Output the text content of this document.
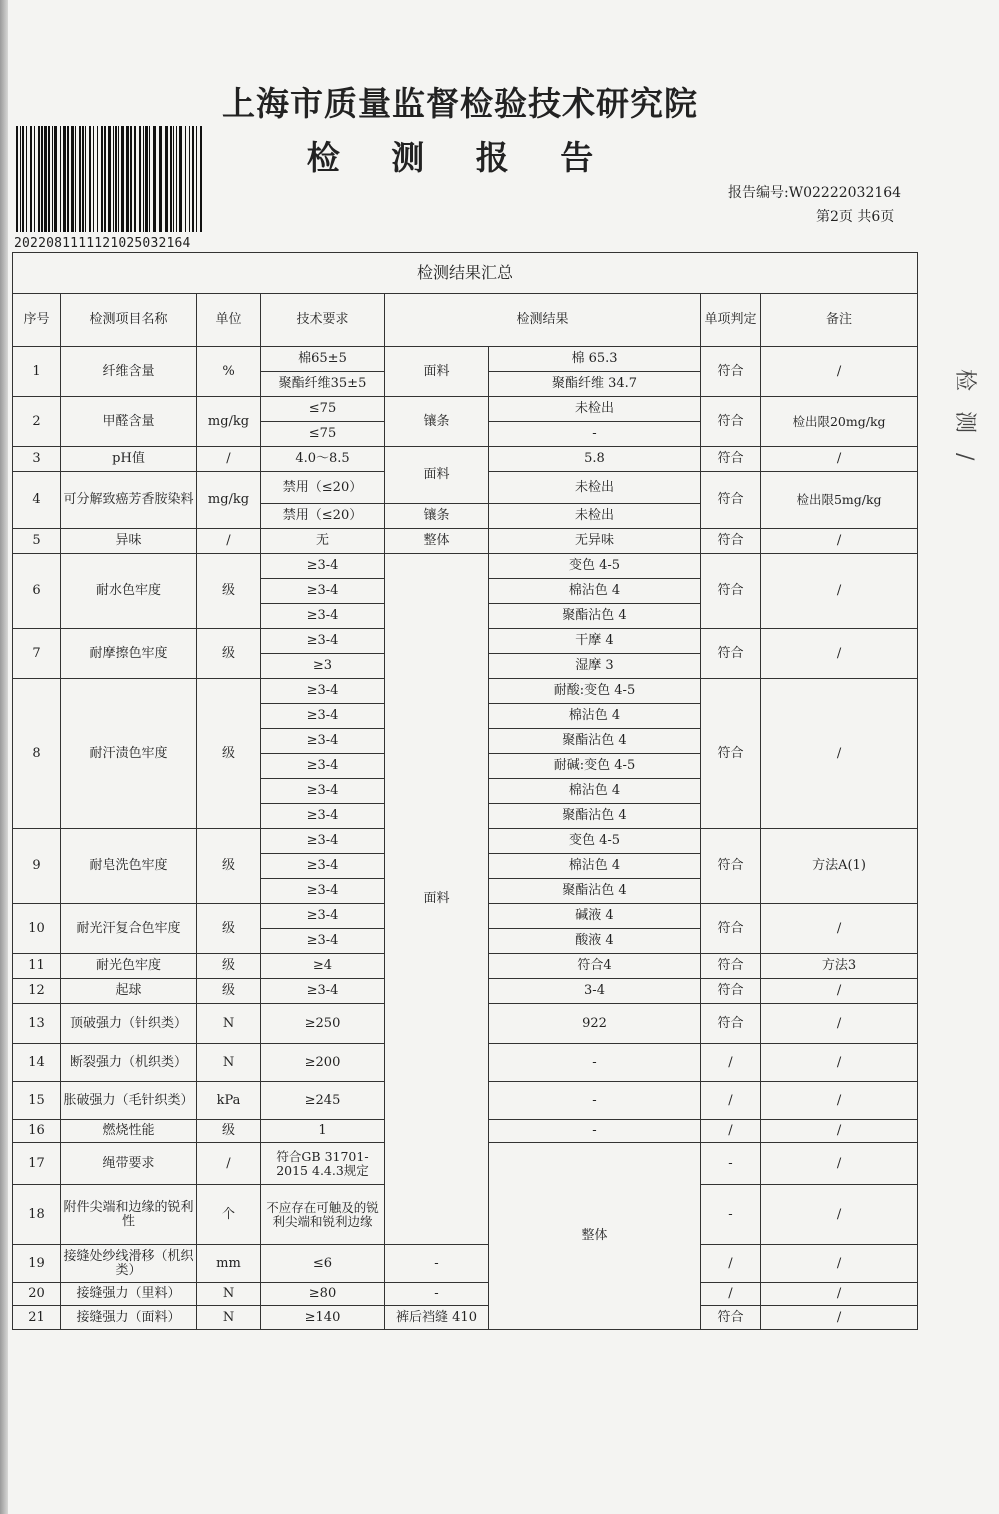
上海市质量监督检验技术研究院
检 测 报 告
20220811111210250321​64
报告编号:W02222032164
第2页 共6页
检
测
/
检测结果汇总								
序号	检测项目名称	单位	技术要求	检测结果		单项判定	备注	
1	纤维含量	%	棉65±5	面料	棉 65.3	符合	/	
			聚酯纤维35±5		聚酯纤维 34.7			
2	甲醛含量	mg/kg	≤75	镶条	未检出	符合	检出限20mg/kg	
			≤75		-			
3	pH值	/	4.0～8.5	面料	5.8	符合	/	
4	可分解致癌芳香胺染料	mg/kg	禁用（≤20）		未检出	符合	检出限5mg/kg	
			禁用（≤20）	镶条	未检出			
5	异味	/	无	整体	无异味	符合	/	
6	耐水色牢度	级	≥3-4	面料	变色 4-5	符合	/	
			≥3-4		棉沾色 4			
			≥3-4		聚酯沾色 4			
7	耐摩擦色牢度	级	≥3-4		干摩 4	符合	/	
			≥3		湿摩 3			
8	耐汗渍色牢度	级	≥3-4		耐酸:变色 4-5	符合	/	
			≥3-4		棉沾色 4			
			≥3-4		聚酯沾色 4			
			≥3-4		耐碱:变色 4-5			
			≥3-4		棉沾色 4			
			≥3-4		聚酯沾色 4			
9	耐皂洗色牢度	级	≥3-4		变色 4-5	符合	方法A(1)	
			≥3-4		棉沾色 4			
			≥3-4		聚酯沾色 4			
10	耐光汗复合色牢度	级	≥3-4		碱液 4	符合	/	
			≥3-4		酸液 4			
11	耐光色牢度	级	≥4		符合4	符合	方法3	
12	起球	级	≥3-4		3-4	符合	/	
13	顶破强力（针织类）	N	≥250		922	符合	/	
14	断裂强力（机织类）	N	≥200		-	/	/	
15	胀破强力（毛针织类）	kPa	≥245		-	/	/	
16	燃烧性能	级	1		-	/	/	
17	绳带要求	/	符合GB 31701-2015 4.4.3规定		整体	-	/	
18	附件尖端和边缘的锐利性	个	不应存在可触及的锐利尖端和锐利边缘			-	/	
19	接缝处纱线滑移（机织类）	mm	≤6	-		/	/	
20	接缝强力（里料）	N	≥80	-		/	/	
21	接缝强力（面料）	N	≥140	裤后裆缝 410		符合	/	
